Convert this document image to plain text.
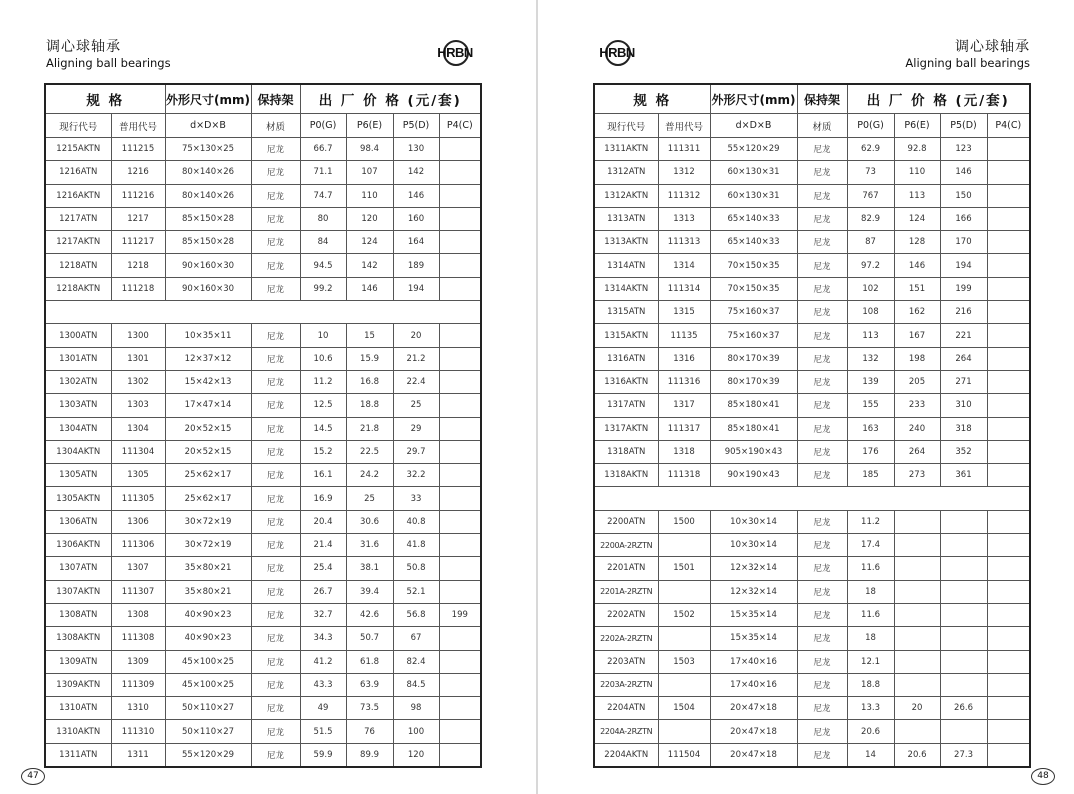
调心球轴承
Aligning ball bearings
HRBN
规 格		外形尺寸(mm)	保持架	出 厂 价 格 (元/套)			
现行代号	普用代号	d×D×B	材质	P0(G)	P6(E)	P5(D)	P4(C)
1215AKTN	111215	75×130×25	尼龙	66.7	98.4	130	
1216ATN	1216	80×140×26	尼龙	71.1	107	142	
1216AKTN	111216	80×140×26	尼龙	74.7	110	146	
1217ATN	1217	85×150×28	尼龙	80	120	160	
1217AKTN	111217	85×150×28	尼龙	84	124	164	
1218ATN	1218	90×160×30	尼龙	94.5	142	189	
1218AKTN	111218	90×160×30	尼龙	99.2	146	194	

1300ATN	1300	10×35×11	尼龙	10	15	20	
1301ATN	1301	12×37×12	尼龙	10.6	15.9	21.2	
1302ATN	1302	15×42×13	尼龙	11.2	16.8	22.4	
1303ATN	1303	17×47×14	尼龙	12.5	18.8	25	
1304ATN	1304	20×52×15	尼龙	14.5	21.8	29	
1304AKTN	111304	20×52×15	尼龙	15.2	22.5	29.7	
1305ATN	1305	25×62×17	尼龙	16.1	24.2	32.2	
1305AKTN	111305	25×62×17	尼龙	16.9	25	33	
1306ATN	1306	30×72×19	尼龙	20.4	30.6	40.8	
1306AKTN	111306	30×72×19	尼龙	21.4	31.6	41.8	
1307ATN	1307	35×80×21	尼龙	25.4	38.1	50.8	
1307AKTN	111307	35×80×21	尼龙	26.7	39.4	52.1	
1308ATN	1308	40×90×23	尼龙	32.7	42.6	56.8	199
1308AKTN	111308	40×90×23	尼龙	34.3	50.7	67	
1309ATN	1309	45×100×25	尼龙	41.2	61.8	82.4	
1309AKTN	111309	45×100×25	尼龙	43.3	63.9	84.5	
1310ATN	1310	50×110×27	尼龙	49	73.5	98	
1310AKTN	111310	50×110×27	尼龙	51.5	76	100	
1311ATN	1311	55×120×29	尼龙	59.9	89.9	120	
47
HRBN	调心球轴承
Aligning ball bearings
规 格		外形尺寸(mm)	保持架	出 厂 价 格 (元/套)			
现行代号	普用代号	d×D×B	材质	P0(G)	P6(E)	P5(D)	P4(C)
1311AKTN	111311	55×120×29	尼龙	62.9	92.8	123	
1312ATN	1312	60×130×31	尼龙	73	110	146	
1312AKTN	111312	60×130×31	尼龙	767	113	150	
1313ATN	1313	65×140×33	尼龙	82.9	124	166	
1313AKTN	111313	65×140×33	尼龙	87	128	170	
1314ATN	1314	70×150×35	尼龙	97.2	146	194	
1314AKTN	111314	70×150×35	尼龙	102	151	199	
1315ATN	1315	75×160×37	尼龙	108	162	216	
1315AKTN	11135	75×160×37	尼龙	113	167	221	
1316ATN	1316	80×170×39	尼龙	132	198	264	
1316AKTN	111316	80×170×39	尼龙	139	205	271	
1317ATN	1317	85×180×41	尼龙	155	233	310	
1317AKTN	111317	85×180×41	尼龙	163	240	318	
1318ATN	1318	905×190×43	尼龙	176	264	352	
1318AKTN	111318	90×190×43	尼龙	185	273	361	

2200ATN	1500	10×30×14	尼龙	11.2			
2200A-2RZTN		10×30×14	尼龙	17.4			
2201ATN	1501	12×32×14	尼龙	11.6			
2201A-2RZTN		12×32×14	尼龙	18			
2202ATN	1502	15×35×14	尼龙	11.6			
2202A-2RZTN		15×35×14	尼龙	18			
2203ATN	1503	17×40×16	尼龙	12.1			
2203A-2RZTN		17×40×16	尼龙	18.8			
2204ATN	1504	20×47×18	尼龙	13.3	20	26.6	
2204A-2RZTN		20×47×18	尼龙	20.6			
2204AKTN	111504	20×47×18	尼龙	14	20.6	27.3	
48
